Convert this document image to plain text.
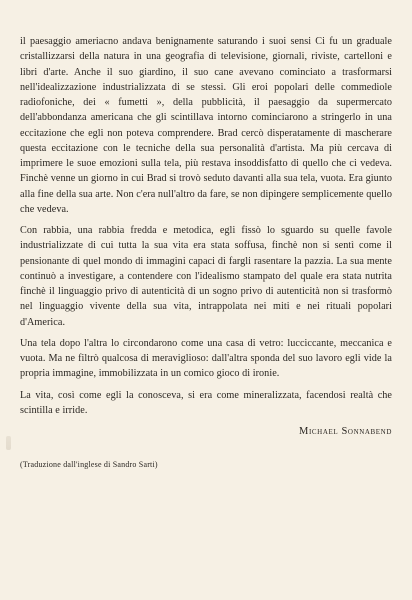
il paesaggio ameriacno andava benignamente saturando i suoi sensi Ci fu un graduale cristallizzarsi della natura in una geografia di televisione, giornali, riviste, cartelloni e libri d'arte. Anche il suo giardino, il suo cane avevano cominciato a trasformarsi nell'idealizzazione industrializzata di se stessi. Gli eroi popolari delle commediole radiofoniche, dei « fumetti », della pubblicità, il paesaggio da supermercato dell'abbondanza americana che gli scintillava intorno cominciarono a stringerlo in una eccitazione che egli non poteva comprendere. Brad cercò disperatamente di mascherare questa eccitazione con le tecniche della sua personalità d'artista. Ma più cercava di imprimere le suoe emozioni sulla tela, più restava insoddisfatto di quello che ci vedeva. Finchè venne un giorno in cui Brad si trovò seduto davanti alla sua tela, vuota. Era giunto alla fine della sua arte. Non c'era null'altro da fare, se non dipingere semplicemente quello che vedeva.

Con rabbia, una rabbia fredda e metodica, egli fissò lo sguardo su quelle favole industrializzate di cui tutta la sua vita era stata soffusa, finchè non si sentì come il pensionante di quel mondo di immagini capaci di fargli rasentare la pazzia. La sua mente continuò a investigare, a contendere con l'idealismo stampato del quale era stata nutrita finchè il linguaggio privo di autenticità di un sogno privo di autenticità non si trasformò nel linguaggio vivente della sua vita, intrappolata nei miti e nei rituali popolari d'America.

Una tela dopo l'altra lo circondarono come una casa di vetro: lucciccante, meccanica e vuota. Ma ne filtrò qualcosa di meraviglioso: dall'altra sponda del suo lavoro egli vide la propria immagine, immobilizzata in un comico gioco di ironie.

La vita, così come egli la conosceva, si era come mineralizzata, facendosi realtà che scintilla e irride.

Michael Sonnabend
(Traduzione dall'inglese di Sandro Sarti)
